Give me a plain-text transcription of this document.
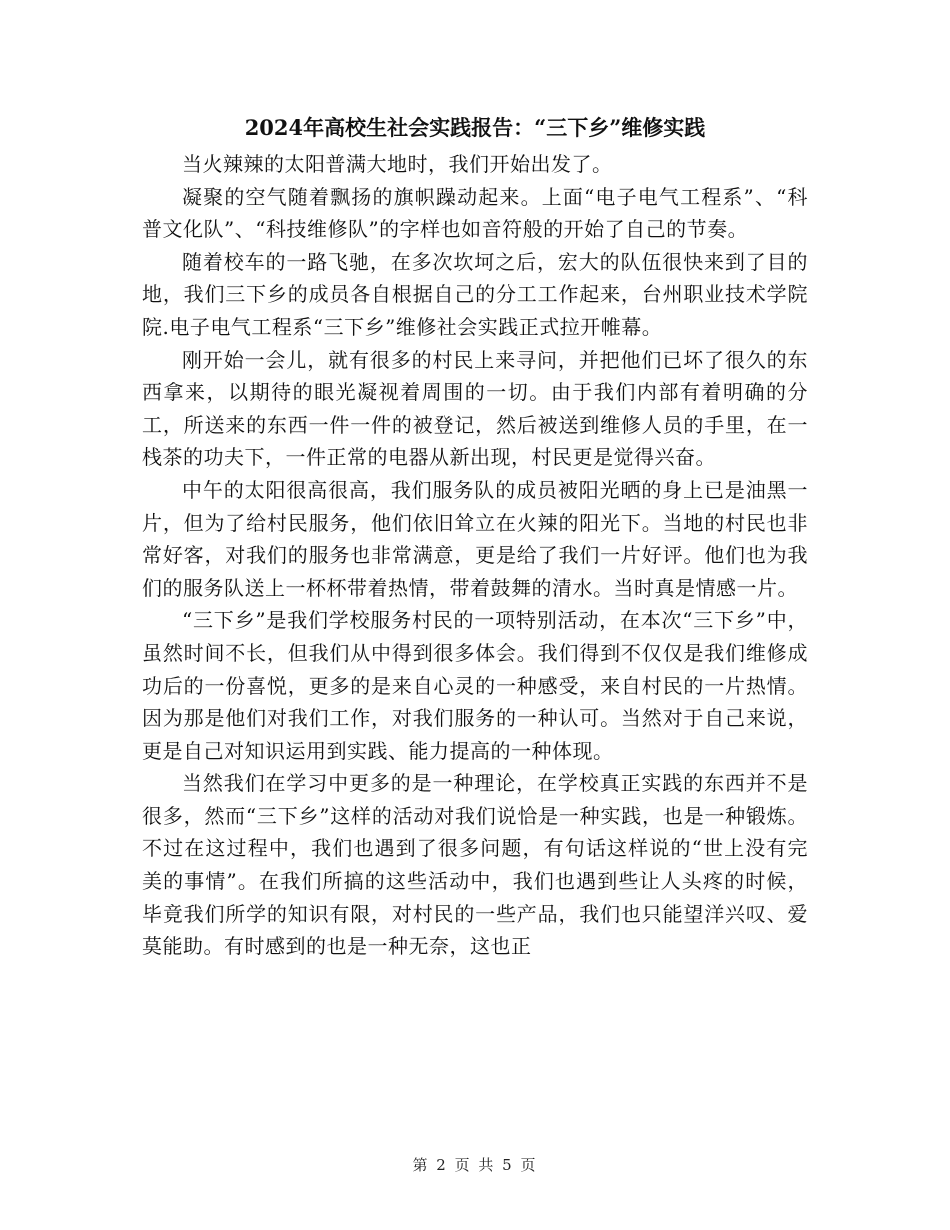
2024年高校生社会实践报告：“三下乡”维修实践

当火辣辣的太阳普满大地时，我们开始出发了。

凝聚的空气随着飘扬的旗帜躁动起来。上面“电子电气工程系”、“科普文化队”、“科技维修队”的字样也如音符般的开始了自己的节奏。

随着校车的一路飞驰，在多次坎坷之后，宏大的队伍很快来到了目的地，我们三下乡的成员各自根据自己的分工工作起来，台州职业技术学院院.电子电气工程系“三下乡”维修社会实践正式拉开帷幕。

刚开始一会儿，就有很多的村民上来寻问，并把他们已坏了很久的东西拿来，以期待的眼光凝视着周围的一切。由于我们内部有着明确的分工，所送来的东西一件一件的被登记，然后被送到维修人员的手里，在一栈茶的功夫下，一件正常的电器从新出现，村民更是觉得兴奋。

中午的太阳很高很高，我们服务队的成员被阳光晒的身上已是油黑一片，但为了给村民服务，他们依旧耸立在火辣的阳光下。当地的村民也非常好客，对我们的服务也非常满意，更是给了我们一片好评。他们也为我们的服务队送上一杯杯带着热情，带着鼓舞的清水。当时真是情感一片。

“三下乡”是我们学校服务村民的一项特别活动，在本次“三下乡”中，虽然时间不长，但我们从中得到很多体会。我们得到不仅仅是我们维修成功后的一份喜悦，更多的是来自心灵的一种感受，来自村民的一片热情。因为那是他们对我们工作，对我们服务的一种认可。当然对于自己来说，更是自己对知识运用到实践、能力提高的一种体现。

当然我们在学习中更多的是一种理论，在学校真正实践的东西并不是很多，然而“三下乡”这样的活动对我们说恰是一种实践，也是一种锻炼。不过在这过程中，我们也遇到了很多问题，有句话这样说的“世上没有完美的事情”。在我们所搞的这些活动中，我们也遇到些让人头疼的时候，毕竟我们所学的知识有限，对村民的一些产品，我们也只能望洋兴叹、爱莫能助。有时感到的也是一种无奈，这也正

第 2 页 共 5 页
